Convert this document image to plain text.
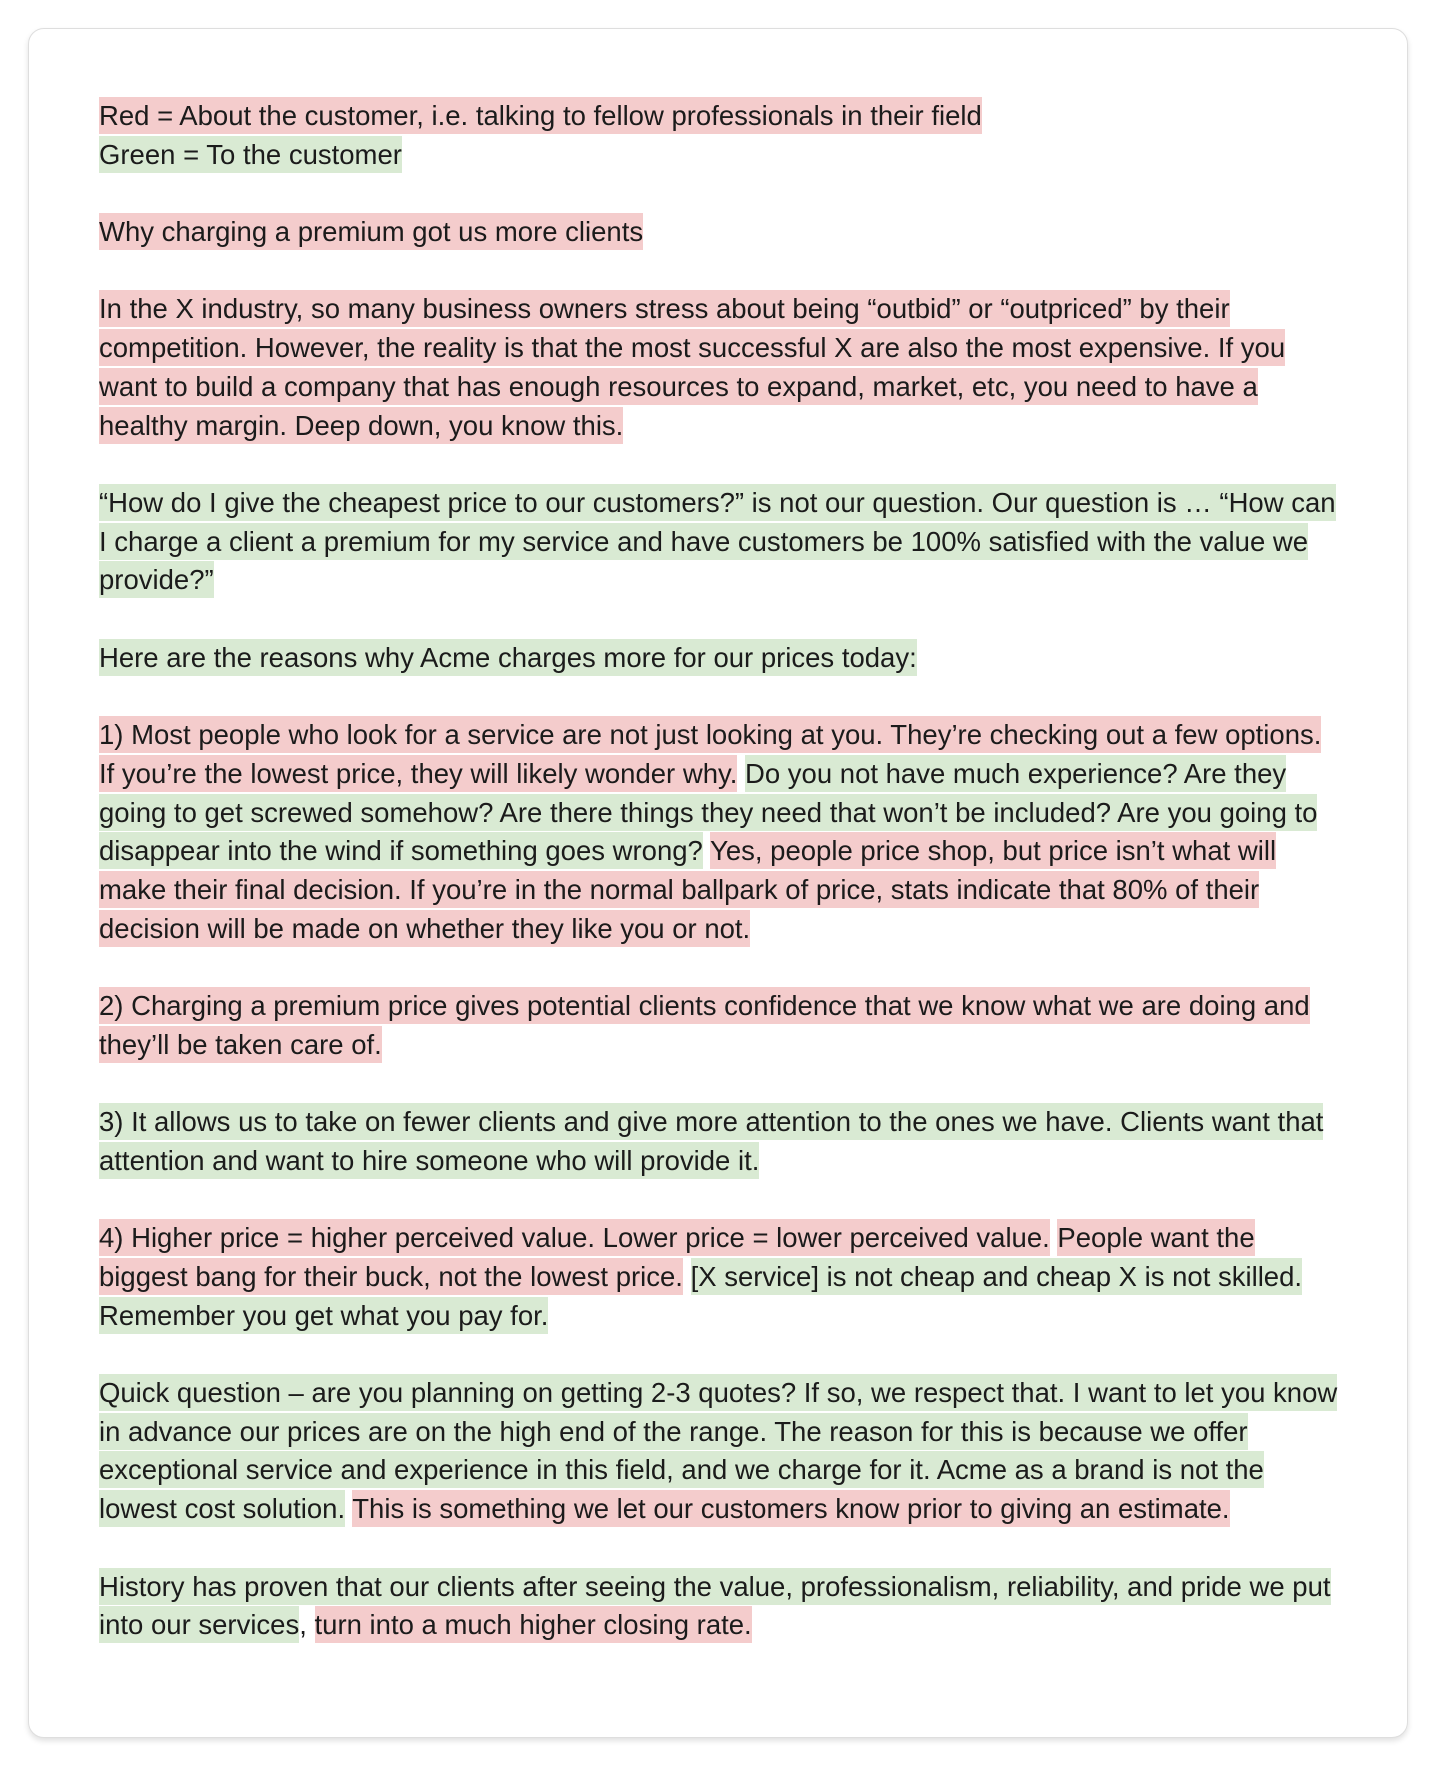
Red = About the customer, i.e. talking to fellow professionals in their field
Green = To the customer

Why charging a premium got us more clients

In the X industry, so many business owners stress about being “outbid” or “outpriced” by their competition. However, the reality is that the most successful X are also the most expensive. If you want to build a company that has enough resources to expand, market, etc, you need to have a healthy margin. Deep down, you know this.

“How do I give the cheapest price to our customers?” is not our question. Our question is … “How can I charge a client a premium for my service and have customers be 100% satisfied with the value we provide?”

Here are the reasons why Acme charges more for our prices today:

1) Most people who look for a service are not just looking at you. They’re checking out a few options. If you’re the lowest price, they will likely wonder why. Do you not have much experience? Are they going to get screwed somehow? Are there things they need that won’t be included? Are you going to disappear into the wind if something goes wrong? Yes, people price shop, but price isn’t what will make their final decision. If you’re in the normal ballpark of price, stats indicate that 80% of their decision will be made on whether they like you or not.

2) Charging a premium price gives potential clients confidence that we know what we are doing and they’ll be taken care of.

3) It allows us to take on fewer clients and give more attention to the ones we have. Clients want that attention and want to hire someone who will provide it.

4) Higher price = higher perceived value. Lower price = lower perceived value. People want the biggest bang for their buck, not the lowest price. [X service] is not cheap and cheap X is not skilled. Remember you get what you pay for.

Quick question – are you planning on getting 2-3 quotes? If so, we respect that. I want to let you know in advance our prices are on the high end of the range. The reason for this is because we offer exceptional service and experience in this field, and we charge for it. Acme as a brand is not the lowest cost solution. This is something we let our customers know prior to giving an estimate.

History has proven that our clients after seeing the value, professionalism, reliability, and pride we put into our services, turn into a much higher closing rate.
